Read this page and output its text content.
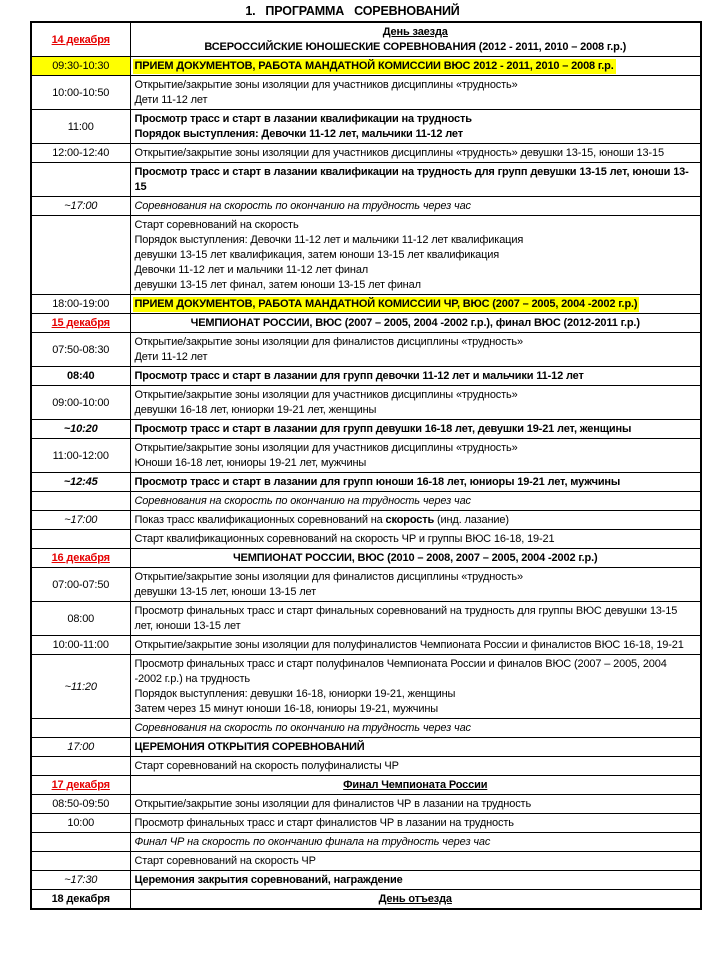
1.   ПРОГРАММА   СОРЕВНОВАНИЙ
14 декабря	День заезда
ВСЕРОССИЙСКИЕ ЮНОШЕСКИЕ СОРЕВНОВАНИЯ (2012 - 2011, 2010 – 2008 г.р.)

09:30-10:30	ПРИЕМ ДОКУМЕНТОВ, РАБОТА МАНДАТНОЙ КОМИССИИ ВЮС 2012 - 2011, 2010 – 2008 г.р.
10:00-10:50	Открытие/закрытие зоны изоляции для участников дисциплины «трудность»
Дети 11-12 лет

11:00	Просмотр трасс и старт в лазании квалификации на трудность
Порядок выступления: Девочки 11-12 лет, мальчики 11-12 лет

12:00-12:40	Открытие/закрытие зоны изоляции для участников дисциплины «трудность» девушки 13-15, юноши 13-15

	Просмотр трасс и старт в лазании квалификации на трудность для групп девушки 13-15 лет, юноши 13-15

~17:00	Соревнования на скорость по окончанию на трудность через час

	Старт соревнований на скорость
Порядок выступления: Девочки 11-12 лет и мальчики 11-12 лет квалификация
девушки 13-15 лет квалификация, затем юноши 13-15 лет квалификация
Девочки 11-12 лет и мальчики 11-12 лет финал
девушки 13-15 лет финал, затем юноши 13-15 лет финал

18:00-19:00	ПРИЕМ ДОКУМЕНТОВ, РАБОТА МАНДАТНОЙ КОМИССИИ ЧР, ВЮС (2007 – 2005, 2004 -2002 г.р.)
15 декабря	ЧЕМПИОНАТ РОССИИ, ВЮС (2007 – 2005, 2004 -2002 г.р.), финал ВЮС (2012-2011 г.р.)

07:50-08:30	Открытие/закрытие зоны изоляции для финалистов дисциплины «трудность»
Дети 11-12 лет

08:40	Просмотр трасс и старт в лазании для групп девочки 11-12 лет и мальчики 11-12 лет

09:00-10:00	Открытие/закрытие зоны изоляции для участников дисциплины «трудность»
девушки 16-18 лет, юниорки 19-21 лет, женщины

~10:20	Просмотр трасс и старт в лазании для групп девушки 16-18 лет, девушки 19-21 лет, женщины

11:00-12:00	Открытие/закрытие зоны изоляции для участников дисциплины «трудность»
Юноши 16-18 лет, юниоры 19-21 лет, мужчины

~12:45	Просмотр трасс и старт в лазании для групп юноши 16-18 лет, юниоры 19-21 лет, мужчины

	Соревнования на скорость по окончанию на трудность через час

~17:00	Показ трасс квалификационных соревнований на скорость (инд. лазание)

	Старт квалификационных соревнований на скорость ЧР и группы ВЮС 16-18, 19-21

16 декабря	ЧЕМПИОНАТ РОССИИ, ВЮС (2010 – 2008, 2007 – 2005, 2004 -2002 г.р.)

07:00-07:50	Открытие/закрытие зоны изоляции для финалистов дисциплины «трудность»
девушки 13-15 лет, юноши 13-15 лет

08:00	Просмотр финальных трасс и старт финальных соревнований на трудность для группы ВЮС девушки 13-15 лет, юноши 13-15 лет

10:00-11:00	Открытие/закрытие зоны изоляции для полуфиналистов Чемпионата России и финалистов ВЮС 16-18, 19-21

~11:20	Просмотр финальных трасс и старт полуфиналов Чемпионата России и финалов ВЮС (2007 – 2005, 2004 -2002 г.р.) на трудность
Порядок выступления: девушки 16-18, юниорки 19-21, женщины
Затем через 15 минут юноши 16-18, юниоры 19-21, мужчины

	Соревнования на скорость по окончанию на трудность через час

17:00	ЦЕРЕМОНИЯ ОТКРЫТИЯ СОРЕВНОВАНИЙ

	Старт соревнований на скорость полуфиналисты ЧР

17 декабря	Финал Чемпионата России

08:50-09:50	Открытие/закрытие зоны изоляции для финалистов ЧР в лазании на трудность

10:00	Просмотр финальных трасс и старт финалистов ЧР в лазании на трудность

	Финал ЧР на скорость по окончанию финала на трудность через час

	Старт соревнований на скорость ЧР

~17:30	Церемония закрытия соревнований, награждение

18 декабря	День отъезда
